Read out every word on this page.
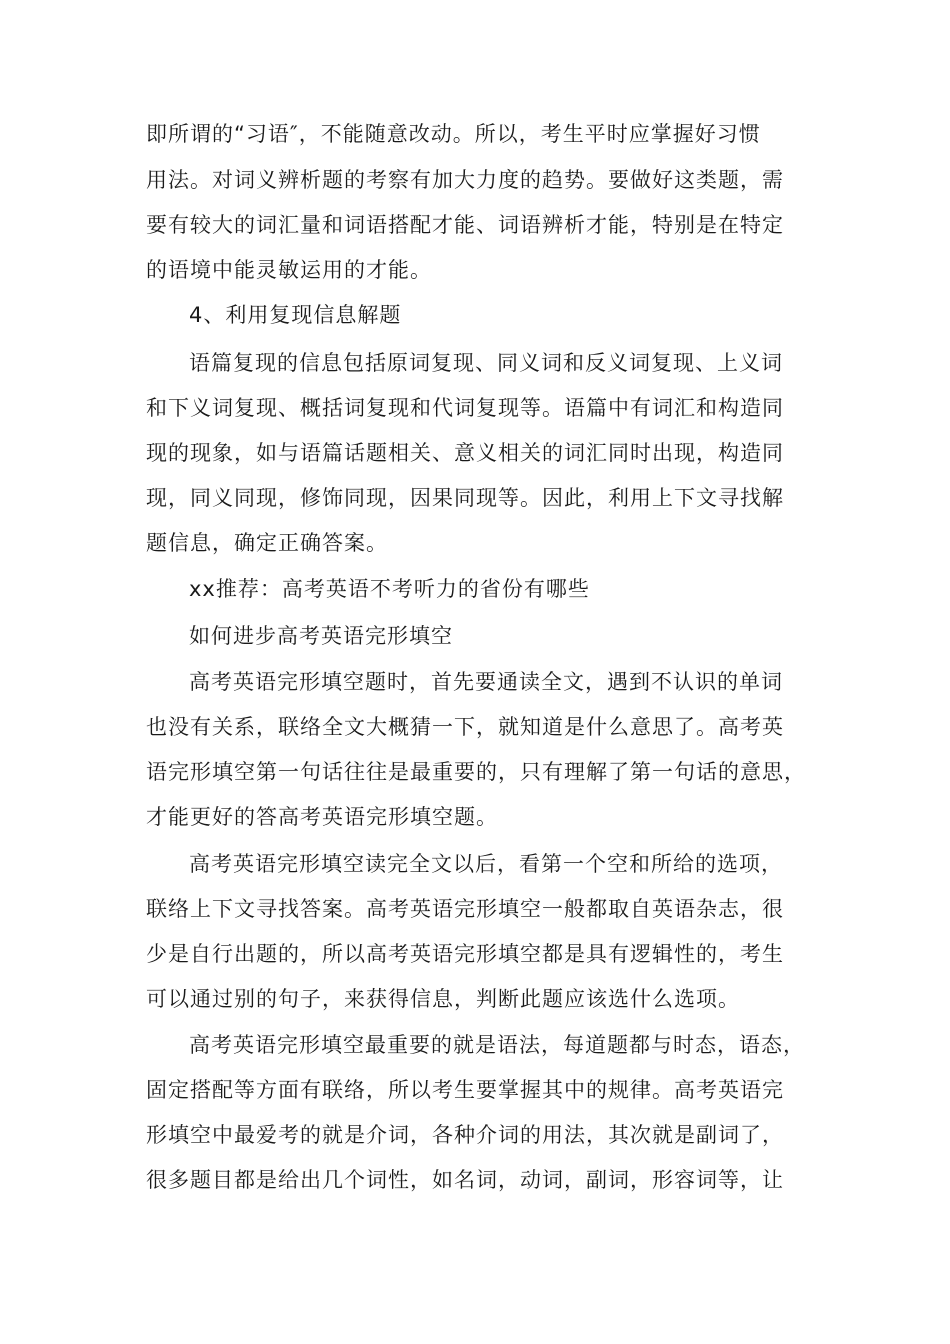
即所谓的“习语″，不能随意改动。所以，考生平时应掌握好习惯
用法。对词义辨析题的考察有加大力度的趋势。要做好这类题，需
要有较大的词汇量和词语搭配才能、词语辨析才能，特别是在特定
的语境中能灵敏运用的才能。
4、利用复现信息解题
语篇复现的信息包括原词复现、同义词和反义词复现、上义词
和下义词复现、概括词复现和代词复现等。语篇中有词汇和构造同
现的现象，如与语篇话题相关、意义相关的词汇同时出现，构造同
现，同义同现，修饰同现，因果同现等。因此，利用上下文寻找解
题信息，确定正确答案。
xx推荐：高考英语不考听力的省份有哪些
如何进步高考英语完形填空
高考英语完形填空题时，首先要通读全文，遇到不认识的单词
也没有关系，联络全文大概猜一下，就知道是什么意思了。高考英
语完形填空第一句话往往是最重要的，只有理解了第一句话的意思，
才能更好的答高考英语完形填空题。
高考英语完形填空读完全文以后，看第一个空和所给的选项，
联络上下文寻找答案。高考英语完形填空一般都取自英语杂志，很
少是自行出题的，所以高考英语完形填空都是具有逻辑性的，考生
可以通过别的句子，来获得信息，判断此题应该选什么选项。
高考英语完形填空最重要的就是语法，每道题都与时态，语态，
固定搭配等方面有联络，所以考生要掌握其中的规律。高考英语完
形填空中最爱考的就是介词，各种介词的用法，其次就是副词了，
很多题目都是给出几个词性，如名词，动词，副词，形容词等，让
